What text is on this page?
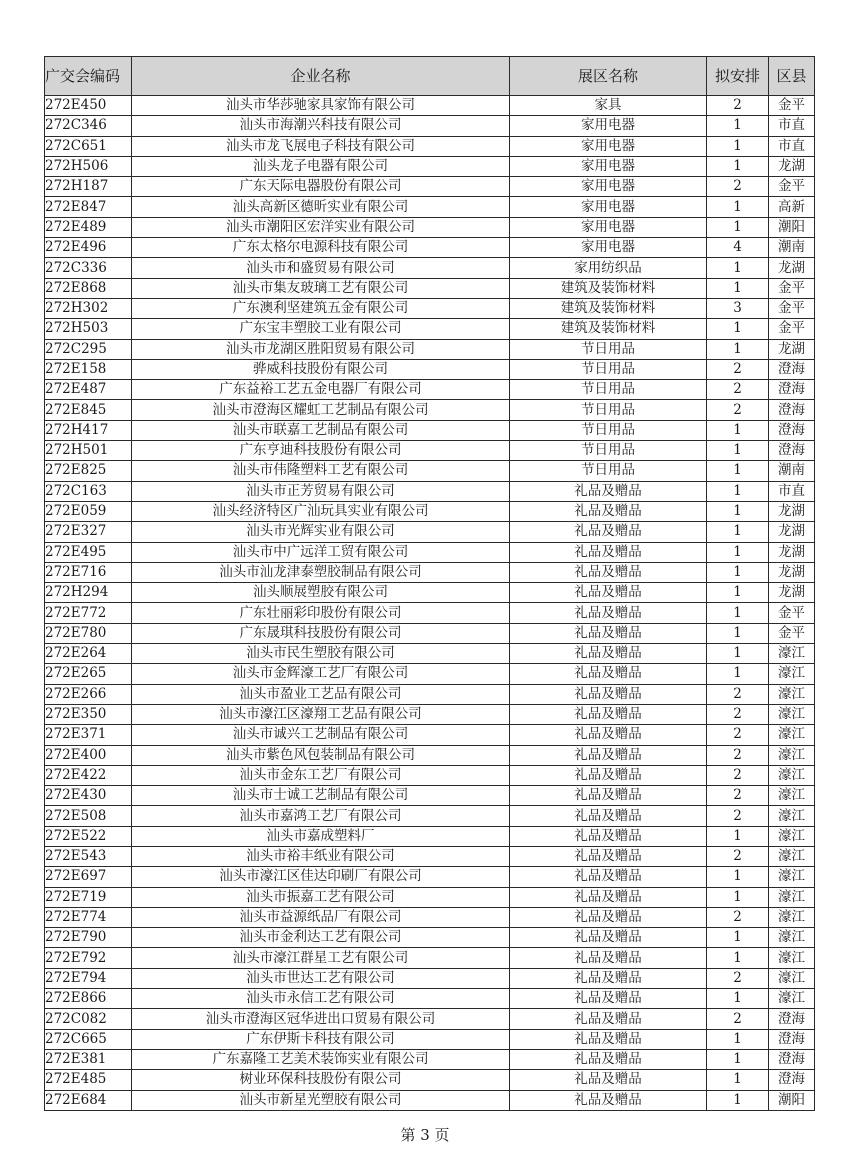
广交会编码	企业名称	展区名称	拟安排	区县
272E450	汕头市华莎驰家具家饰有限公司	家具	2	金平
272C346	汕头市海潮兴科技有限公司	家用电器	1	市直
272C651	汕头市龙飞展电子科技有限公司	家用电器	1	市直
272H506	汕头龙子电器有限公司	家用电器	1	龙湖
272H187	广东天际电器股份有限公司	家用电器	2	金平
272E847	汕头高新区德昕实业有限公司	家用电器	1	高新
272E489	汕头市潮阳区宏洋实业有限公司	家用电器	1	潮阳
272E496	广东太格尔电源科技有限公司	家用电器	4	潮南
272C336	汕头市和盛贸易有限公司	家用纺织品	1	龙湖
272E868	汕头市集友玻璃工艺有限公司	建筑及装饰材料	1	金平
272H302	广东澳利坚建筑五金有限公司	建筑及装饰材料	3	金平
272H503	广东宝丰塑胶工业有限公司	建筑及装饰材料	1	金平
272C295	汕头市龙湖区胜阳贸易有限公司	节日用品	1	龙湖
272E158	骅威科技股份有限公司	节日用品	2	澄海
272E487	广东益裕工艺五金电器厂有限公司	节日用品	2	澄海
272E845	汕头市澄海区耀虹工艺制品有限公司	节日用品	2	澄海
272H417	汕头市联嘉工艺制品有限公司	节日用品	1	澄海
272H501	广东亨迪科技股份有限公司	节日用品	1	澄海
272E825	汕头市伟隆塑料工艺有限公司	节日用品	1	潮南
272C163	汕头市正芳贸易有限公司	礼品及赠品	1	市直
272E059	汕头经济特区广汕玩具实业有限公司	礼品及赠品	1	龙湖
272E327	汕头市光辉实业有限公司	礼品及赠品	1	龙湖
272E495	汕头市中广远洋工贸有限公司	礼品及赠品	1	龙湖
272E716	汕头市汕龙津泰塑胶制品有限公司	礼品及赠品	1	龙湖
272H294	汕头顺展塑胶有限公司	礼品及赠品	1	龙湖
272E772	广东壮丽彩印股份有限公司	礼品及赠品	1	金平
272E780	广东晟琪科技股份有限公司	礼品及赠品	1	金平
272E264	汕头市民生塑胶有限公司	礼品及赠品	1	濠江
272E265	汕头市金辉濠工艺厂有限公司	礼品及赠品	1	濠江
272E266	汕头市盈业工艺品有限公司	礼品及赠品	2	濠江
272E350	汕头市濠江区濠翔工艺品有限公司	礼品及赠品	2	濠江
272E371	汕头市诚兴工艺制品有限公司	礼品及赠品	2	濠江
272E400	汕头市紫色风包装制品有限公司	礼品及赠品	2	濠江
272E422	汕头市金东工艺厂有限公司	礼品及赠品	2	濠江
272E430	汕头市士诚工艺制品有限公司	礼品及赠品	2	濠江
272E508	汕头市嘉鸿工艺厂有限公司	礼品及赠品	2	濠江
272E522	汕头市嘉成塑料厂	礼品及赠品	1	濠江
272E543	汕头市裕丰纸业有限公司	礼品及赠品	2	濠江
272E697	汕头市濠江区佳达印刷厂有限公司	礼品及赠品	1	濠江
272E719	汕头市振嘉工艺有限公司	礼品及赠品	1	濠江
272E774	汕头市益源纸品厂有限公司	礼品及赠品	2	濠江
272E790	汕头市金利达工艺有限公司	礼品及赠品	1	濠江
272E792	汕头市濠江群星工艺有限公司	礼品及赠品	1	濠江
272E794	汕头市世达工艺有限公司	礼品及赠品	2	濠江
272E866	汕头市永信工艺有限公司	礼品及赠品	1	濠江
272C082	汕头市澄海区冠华进出口贸易有限公司	礼品及赠品	2	澄海
272C665	广东伊斯卡科技有限公司	礼品及赠品	1	澄海
272E381	广东嘉隆工艺美术装饰实业有限公司	礼品及赠品	1	澄海
272E485	树业环保科技股份有限公司	礼品及赠品	1	澄海
272E684	汕头市新星光塑胶有限公司	礼品及赠品	1	潮阳
第 3 页
